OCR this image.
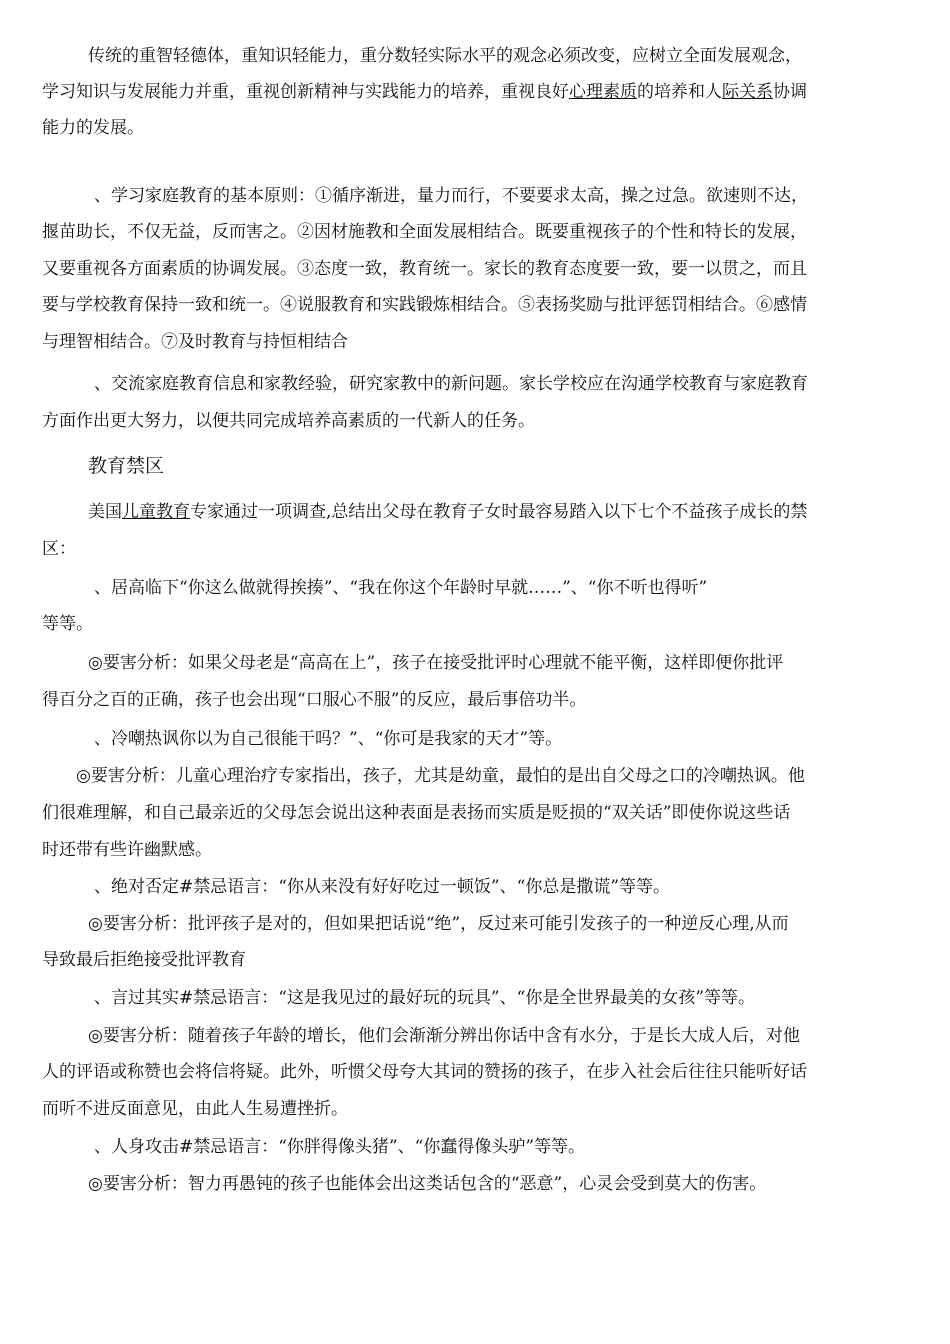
传统的重智轻德体，重知识轻能力，重分数轻实际水平的观念必须改变，应树立全面发展观念，
学习知识与发展能力并重，重视创新精神与实践能力的培养，重视良好心理素质的培养和人际关系协调
能力的发展。
、学习家庭教育的基本原则：①循序渐进，量力而行，不要要求太高，操之过急。欲速则不达，
揠苗助长，不仅无益，反而害之。②因材施教和全面发展相结合。既要重视孩子的个性和特长的发展，
又要重视各方面素质的协调发展。③态度一致，教育统一。家长的教育态度要一致，要一以贯之，而且
要与学校教育保持一致和统一。④说服教育和实践锻炼相结合。⑤表扬奖励与批评惩罚相结合。⑥感情
与理智相结合。⑦及时教育与持恒相结合
、交流家庭教育信息和家教经验，研究家教中的新问题。家长学校应在沟通学校教育与家庭教育
方面作出更大努力，以便共同完成培养高素质的一代新人的任务。
教育禁区
美国儿童教育专家通过一项调查,总结出父母在教育子女时最容易踏入以下七个不益孩子成长的禁
区：
、居高临下“你这么做就得挨揍”、“我在你这个年龄时早就……”、“你不听也得听”
等等。
◎要害分析：如果父母老是“高高在上”，孩子在接受批评时心理就不能平衡，这样即便你批评
得百分之百的正确，孩子也会出现“口服心不服”的反应，最后事倍功半。
、冷嘲热讽你以为自己很能干吗？”、“你可是我家的天才”等。
◎要害分析：儿童心理治疗专家指出，孩子，尤其是幼童，最怕的是出自父母之口的冷嘲热讽。他
们很难理解，和自己最亲近的父母怎会说出这种表面是表扬而实质是贬损的“双关话”即使你说这些话
时还带有些许幽默感。
、绝对否定#禁忌语言：“你从来没有好好吃过一顿饭”、“你总是撒谎”等等。
◎要害分析：批评孩子是对的，但如果把话说“绝”，反过来可能引发孩子的一种逆反心理,从而
导致最后拒绝接受批评教育
、言过其实#禁忌语言：“这是我见过的最好玩的玩具”、“你是全世界最美的女孩”等等。
◎要害分析：随着孩子年龄的增长，他们会渐渐分辨出你话中含有水分，于是长大成人后，对他
人的评语或称赞也会将信将疑。此外，听惯父母夸大其词的赞扬的孩子，在步入社会后往往只能听好话
而听不进反面意见，由此人生易遭挫折。
、人身攻击#禁忌语言：“你胖得像头猪”、“你蠢得像头驴”等等。
◎要害分析：智力再愚钝的孩子也能体会出这类话包含的“恶意”，心灵会受到莫大的伤害。
